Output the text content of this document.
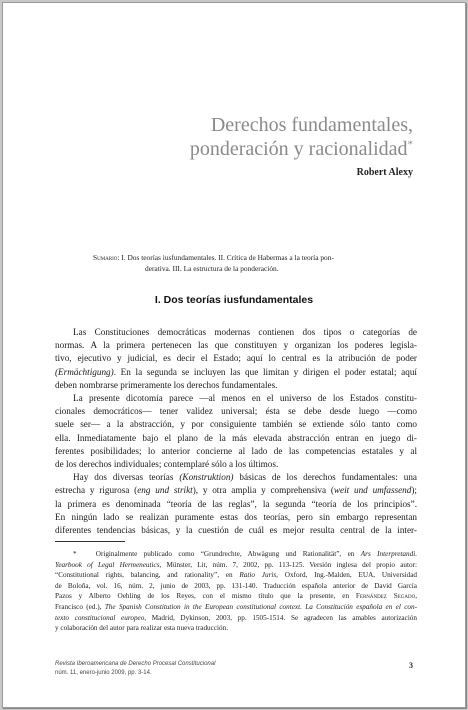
Derechos fundamentales,
ponderación y racionalidad*
Robert Alexy
Sumario: I. Dos teorías iusfundamentales. II. Crítica de Habermas a la teoría pon-
derativa. III. La estructura de la ponderación.
I. Dos teorías iusfundamentales
Las Constituciones democráticas modernas contienen dos tipos o categorías de
normas. A la primera pertenecen las que constituyen y organizan los poderes legisla-
tivo, ejecutivo y judicial, es decir el Estado; aquí lo central es la atribución de poder
(Ermächtigung). En la segunda se incluyen las que limitan y dirigen el poder estatal; aquí
deben nombrarse primeramente los derechos fundamentales.
La presente dicotomía parece —al menos en el universo de los Estados constitu-
cionales democráticos— tener validez universal; ésta se debe desde luego —como
suele ser— a la abstracción, y por consiguiente también se extiende sólo tanto como
ella. Inmediatamente bajo el plano de la más elevada abstracción entran en juego di-
ferentes posibilidades; lo anterior concierne al lado de las competencias estatales y al
de los derechos individuales; contemplaré sólo a los últimos.
Hay dos diversas teorías (Konstruktion) básicas de los derechos fundamentales: una
estrecha y rigurosa (eng und strikt), y otra amplia y comprehensiva (weit und umfassend);
la primera es denominada “teoría de las reglas”, la segunda “teoría de los principios”.
En ningún lado se realizan puramente estas dos teorías, pero sin embargo representan
diferentes tendencias básicas, y la cuestión de cuál es mejor resulta central de la inter-
*	Originalmente publicado como “Grundrechte, Abwägung und Rationalität”, en Ars Interpretandi.
Yearbook of Legal Hermeneutics, Münster, Lit, núm. 7, 2002, pp. 113-125. Versión inglesa del propio autor:
“Constitutional rights, balancing, and rationality”, en Ratio Juris, Oxford, Ing.-Malden, EUA, Universidad
de Boloña, vol. 16, núm. 2, junio de 2003, pp. 131-140. Traducción española anterior de David García
Pazos y Alberto Oehling de los Reyes, con el mismo título que la presente, en Fernández Segado,
Francisco (ed.), The Spanish Constitution in the European constitutional context. La Constitución española en el con-
texto constitucional europeo, Madrid, Dykinson, 2003, pp. 1505-1514. Se agradecen las amables autorización
y colaboración del autor para realizar esta nueva traducción.
Revista Iberoamericana de Derecho Procesal Constitucional
núm. 11, enero-junio 2009, pp. 3-14.
3
